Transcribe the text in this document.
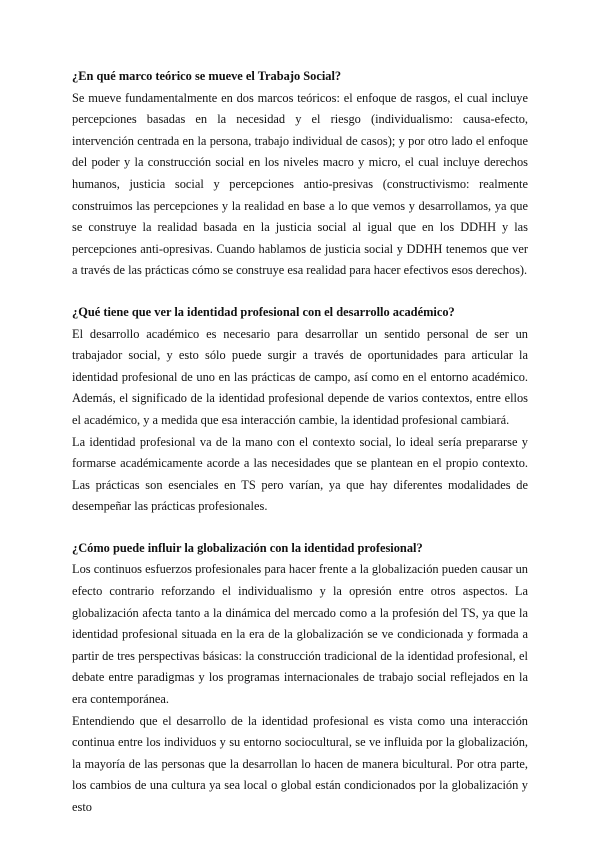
¿En qué marco teórico se mueve el Trabajo Social?

Se mueve fundamentalmente en dos marcos teóricos: el enfoque de rasgos, el cual incluye percepciones basadas en la necesidad y el riesgo (individualismo: causa-efecto, intervención centrada en la persona, trabajo individual de casos); y por otro lado el enfoque del poder y la construcción social en los niveles macro y micro, el cual incluye derechos humanos, justicia social y percepciones antio-presivas (constructivismo: realmente construimos las percepciones y la realidad en base a lo que vemos y desarrollamos, ya que se construye la realidad basada en la justicia social al igual que en los DDHH y las percepciones anti-opresivas. Cuando hablamos de justicia social y DDHH tenemos que ver a través de las prácticas cómo se construye esa realidad para hacer efectivos esos derechos).

¿Qué tiene que ver la identidad profesional con el desarrollo académico?

El desarrollo académico es necesario para desarrollar un sentido personal de ser un trabajador social, y esto sólo puede surgir a través de oportunidades para articular la identidad profesional de uno en las prácticas de campo, así como en el entorno académico. Además, el significado de la identidad profesional depende de varios contextos, entre ellos el académico, y a medida que esa interacción cambie, la identidad profesional cambiará.

La identidad profesional va de la mano con el contexto social, lo ideal sería prepararse y formarse académicamente acorde a las necesidades que se plantean en el propio contexto. Las prácticas son esenciales en TS pero varían, ya que hay diferentes modalidades de desempeñar las prácticas profesionales.

¿Cómo puede influir la globalización con la identidad profesional?

Los continuos esfuerzos profesionales para hacer frente a la globalización pueden causar un efecto contrario reforzando el individualismo y la opresión entre otros aspectos. La globalización afecta tanto a la dinámica del mercado como a la profesión del TS, ya que la identidad profesional situada en la era de la globalización se ve condicionada y formada a partir de tres perspectivas básicas: la construcción tradicional de la identidad profesional, el debate entre paradigmas y los programas internacionales de trabajo social reflejados en la era contemporánea.

Entendiendo que el desarrollo de la identidad profesional es vista como una interacción continua entre los individuos y su entorno sociocultural, se ve influida por la globalización, la mayoría de las personas que la desarrollan lo hacen de manera bicultural. Por otra parte, los cambios de una cultura ya sea local o global están condicionados por la globalización y esto
